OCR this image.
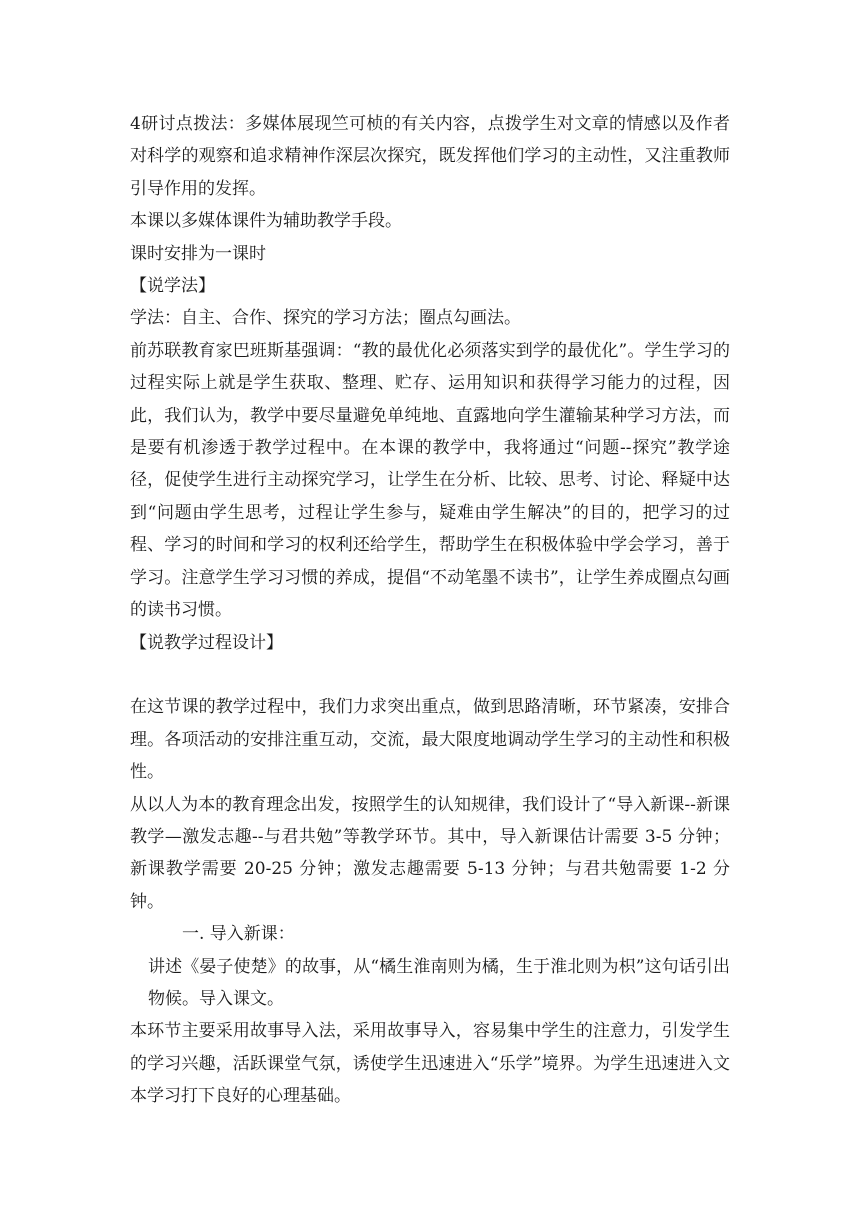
4研讨点拨法：多媒体展现竺可桢的有关内容，点拨学生对文章的情感以及作者对科学的观察和追求精神作深层次探究，既发挥他们学习的主动性，又注重教师引导作用的发挥。

本课以多媒体课件为辅助教学手段。

课时安排为一课时

【说学法】

学法：自主、合作、探究的学习方法；圈点勾画法。

前苏联教育家巴班斯基强调：“教的最优化必须落实到学的最优化”。学生学习的过程实际上就是学生获取、整理、贮存、运用知识和获得学习能力的过程，因此，我们认为，教学中要尽量避免单纯地、直露地向学生灌输某种学习方法，而是要有机渗透于教学过程中。在本课的教学中，我将通过“问题--探究”教学途径，促使学生进行主动探究学习，让学生在分析、比较、思考、讨论、释疑中达到“问题由学生思考，过程让学生参与，疑难由学生解决”的目的，把学习的过程、学习的时间和学习的权利还给学生，帮助学生在积极体验中学会学习，善于学习。注意学生学习习惯的养成，提倡“不动笔墨不读书”，让学生养成圈点勾画的读书习惯。

【说教学过程设计】

在这节课的教学过程中，我们力求突出重点，做到思路清晰，环节紧凑，安排合理。各项活动的安排注重互动，交流，最大限度地调动学生学习的主动性和积极性。

从以人为本的教育理念出发，按照学生的认知规律，我们设计了“导入新课--新课教学—激发志趣--与君共勉”等教学环节。其中，导入新课估计需要 3-5 分钟；新课教学需要 20-25 分钟；激发志趣需要 5-13 分钟；与君共勉需要 1-2 分钟。

一. 导入新课：

讲述《晏子使楚》的故事，从“橘生淮南则为橘，生于淮北则为枳”这句话引出物候。导入课文。

本环节主要采用故事导入法，采用故事导入，容易集中学生的注意力，引发学生的学习兴趣，活跃课堂气氛，诱使学生迅速进入“乐学”境界。为学生迅速进入文本学习打下良好的心理基础。
